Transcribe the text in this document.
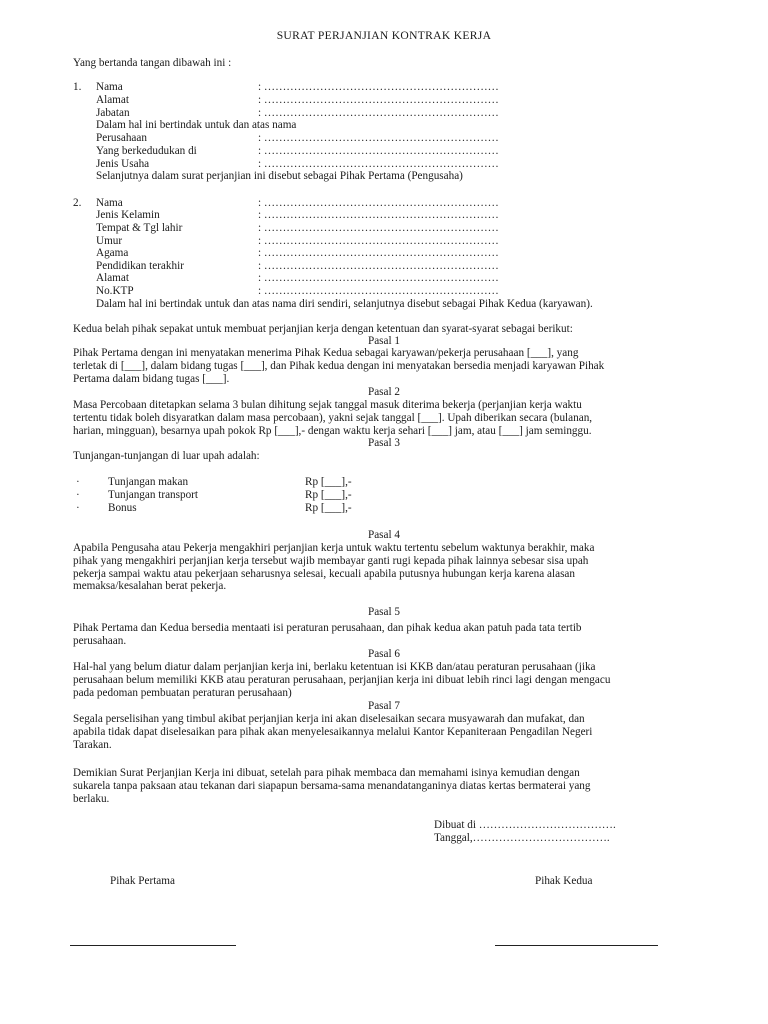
SURAT PERJANJIAN KONTRAK KERJA
Yang bertanda tangan dibawah ini :
1. Nama	: ………………………………………………………
Alamat	: ………………………………………………………
Jabatan	: ………………………………………………………
Dalam hal ini bertindak untuk dan atas nama
Perusahaan	: ………………………………………………………
Yang berkedudukan di	: ………………………………………………………
Jenis Usaha	: ………………………………………………………
Selanjutnya dalam surat perjanjian ini disebut sebagai Pihak Pertama (Pengusaha)
2. Nama	: ………………………………………………………
Jenis Kelamin	: ………………………………………………………
Tempat & Tgl lahir	: ………………………………………………………
Umur	: ………………………………………………………
Agama	: ………………………………………………………
Pendidikan terakhir	: ………………………………………………………
Alamat	: ………………………………………………………
No.KTP	: ………………………………………………………
Dalam hal ini bertindak untuk dan atas nama diri sendiri, selanjutnya disebut sebagai Pihak Kedua (karyawan).
Kedua belah pihak sepakat untuk membuat perjanjian kerja dengan ketentuan dan syarat-syarat sebagai berikut:
Pasal 1
Pihak Pertama dengan ini menyatakan menerima Pihak Kedua sebagai karyawan/pekerja perusahaan [___], yang
terletak di [___], dalam bidang tugas [___], dan Pihak kedua dengan ini menyatakan bersedia menjadi karyawan Pihak
Pertama dalam bidang tugas [___].
Pasal 2
Masa Percobaan ditetapkan selama 3 bulan dihitung sejak tanggal masuk diterima bekerja (perjanjian kerja waktu
tertentu tidak boleh disyaratkan dalam masa percobaan), yakni sejak tanggal [___]. Upah diberikan secara (bulanan,
harian, mingguan), besarnya upah pokok Rp [___],- dengan waktu kerja sehari [___] jam, atau [___] jam seminggu.
Pasal 3
Tunjangan-tunjangan di luar upah adalah:
·	Tunjangan makan	Rp [___],-
·	Tunjangan transport	Rp [___],-
·	Bonus	Rp [___],-
Pasal 4
Apabila Pengusaha atau Pekerja mengakhiri perjanjian kerja untuk waktu tertentu sebelum waktunya berakhir, maka
pihak yang mengakhiri perjanjian kerja tersebut wajib membayar ganti rugi kepada pihak lainnya sebesar sisa upah
pekerja sampai waktu atau pekerjaan seharusnya selesai, kecuali apabila putusnya hubungan kerja karena alasan
memaksa/kesalahan berat pekerja.
Pasal 5
Pihak Pertama dan Kedua bersedia mentaati isi peraturan perusahaan, dan pihak kedua akan patuh pada tata tertib
perusahaan.
Pasal 6
Hal-hal yang belum diatur dalam perjanjian kerja ini, berlaku ketentuan isi KKB dan/atau peraturan perusahaan (jika
perusahaan belum memiliki KKB atau peraturan perusahaan, perjanjian kerja ini dibuat lebih rinci lagi dengan mengacu
pada pedoman pembuatan peraturan perusahaan)
Pasal 7
Segala perselisihan yang timbul akibat perjanjian kerja ini akan diselesaikan secara musyawarah dan mufakat, dan
apabila tidak dapat diselesaikan para pihak akan menyelesaikannya melalui Kantor Kepaniteraan Pengadilan Negeri
Tarakan.
Demikian Surat Perjanjian Kerja ini dibuat, setelah para pihak membaca dan memahami isinya kemudian dengan
sukarela tanpa paksaan atau tekanan dari siapapun bersama-sama menandatanganinya diatas kertas bermaterai yang
berlaku.
Dibuat di ……………………………….
Tanggal,……………………………….
Pihak Pertama	Pihak Kedua
